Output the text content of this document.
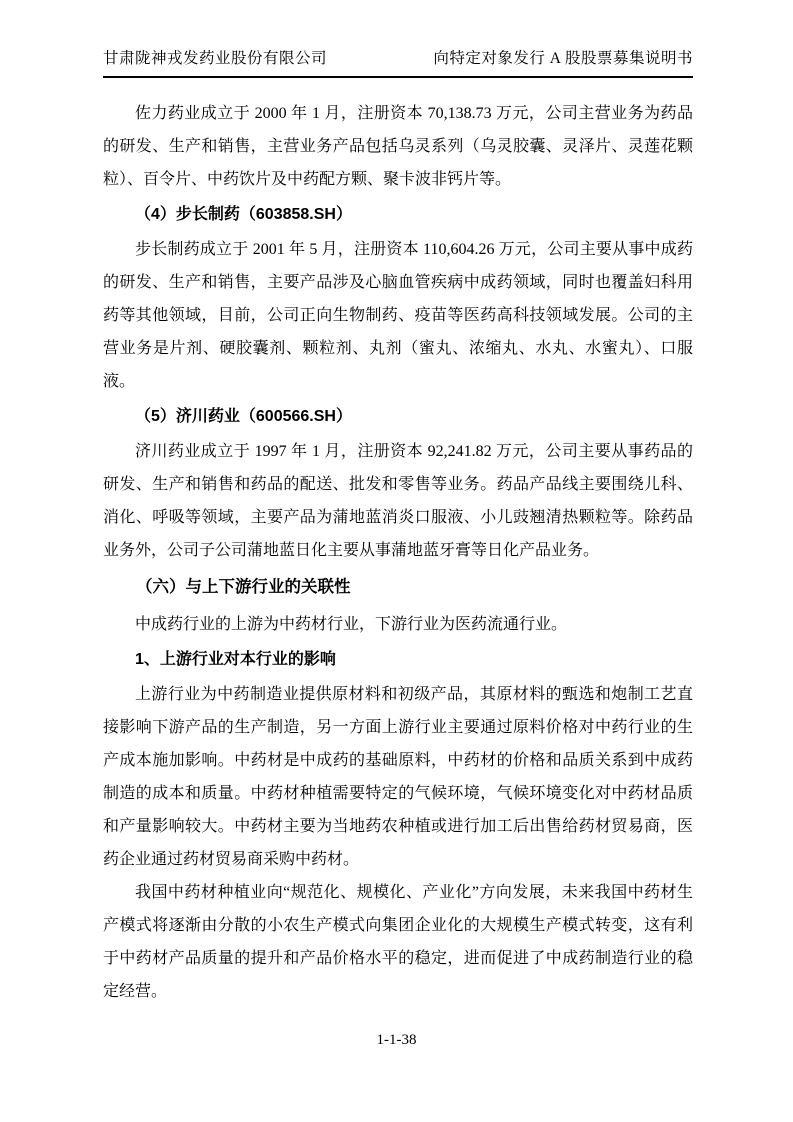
甘肃陇神戎发药业股份有限公司	向特定对象发行 A 股股票募集说明书

佐力药业成立于 2000 年 1 月，注册资本 70,138.73 万元，公司主营业务为药品的研发、生产和销售，主营业务产品包括乌灵系列（乌灵胶囊、灵泽片、灵莲花颗粒）、百令片、中药饮片及中药配方颗、聚卡波非钙片等。

（4）步长制药（603858.SH）

步长制药成立于 2001 年 5 月，注册资本 110,604.26 万元，公司主要从事中成药的研发、生产和销售，主要产品涉及心脑血管疾病中成药领域，同时也覆盖妇科用药等其他领域，目前，公司正向生物制药、疫苗等医药高科技领域发展。公司的主营业务是片剂、硬胶囊剂、颗粒剂、丸剂（蜜丸、浓缩丸、水丸、水蜜丸）、口服液。

（5）济川药业（600566.SH）

济川药业成立于 1997 年 1 月，注册资本 92,241.82 万元，公司主要从事药品的研发、生产和销售和药品的配送、批发和零售等业务。药品产品线主要围绕儿科、消化、呼吸等领域，主要产品为蒲地蓝消炎口服液、小儿豉翘清热颗粒等。除药品业务外，公司子公司蒲地蓝日化主要从事蒲地蓝牙膏等日化产品业务。

（六）与上下游行业的关联性

中成药行业的上游为中药材行业，下游行业为医药流通行业。

1、上游行业对本行业的影响

上游行业为中药制造业提供原材料和初级产品，其原材料的甄选和炮制工艺直接影响下游产品的生产制造，另一方面上游行业主要通过原料价格对中药行业的生产成本施加影响。中药材是中成药的基础原料，中药材的价格和品质关系到中成药制造的成本和质量。中药材种植需要特定的气候环境，气候环境变化对中药材品质和产量影响较大。中药材主要为当地药农种植或进行加工后出售给药材贸易商，医药企业通过药材贸易商采购中药材。

我国中药材种植业向“规范化、规模化、产业化”方向发展，未来我国中药材生产模式将逐渐由分散的小农生产模式向集团企业化的大规模生产模式转变，这有利于中药材产品质量的提升和产品价格水平的稳定，进而促进了中成药制造行业的稳定经营。

1-1-38
